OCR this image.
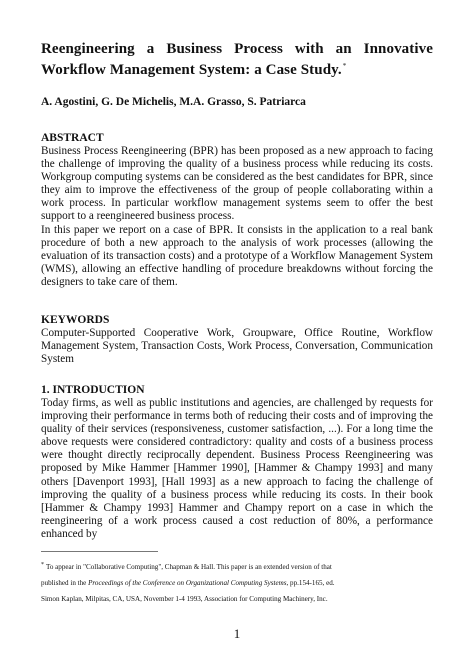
Reengineering a Business Process with an Innovative Workflow Management System: a Case Study.*
A. Agostini, G. De Michelis, M.A. Grasso, S. Patriarca
ABSTRACT

Business Process Reengineering (BPR) has been proposed as a new approach to facing the challenge of improving the quality of a business process while reducing its costs. Workgroup computing systems can be considered as the best candidates for BPR, since they aim to improve the effectiveness of the group of people collaborating within a work process. In particular workflow management systems seem to offer the best support to a reengineered business process.

In this paper we report on a case of BPR. It consists in the application to a real bank procedure of both a new approach to the analysis of work processes (allowing the evaluation of its transaction costs) and a prototype of a Workflow Management System (WMS), allowing an effective handling of procedure breakdowns without forcing the designers to take care of them.

KEYWORDS
Computer-Supported Cooperative Work, Groupware, Office Routine, Workflow Management System, Transaction Costs, Work Process, Conversation, Communication System
1. INTRODUCTION
Today firms, as well as public institutions and agencies, are challenged by requests for improving their performance in terms both of reducing their costs and of improving the quality of their services (responsiveness, customer satisfaction, ...). For a long time the above requests were considered contradictory: quality and costs of a business process were thought directly reciprocally dependent. Business Process Reengineering was proposed by Mike Hammer [Hammer 1990], [Hammer & Champy 1993] and many others [Davenport 1993], [Hall 1993] as a new approach to facing the challenge of improving the quality of a business process while reducing its costs. In their book [Hammer & Champy 1993] Hammer and Champy report on a case in which the reengineering of a work process caused a cost reduction of 80%, a performance enhanced by
* To appear in "Collaborative Computing", Chapman & Hall. This paper is an extended version of that
published in the Proceedings of the Conference on Organizational Computing Systems, pp.154-165, ed.
Simon Kaplan, Milpitas, CA, USA, November 1-4 1993, Association for Computing Machinery, Inc.
1
